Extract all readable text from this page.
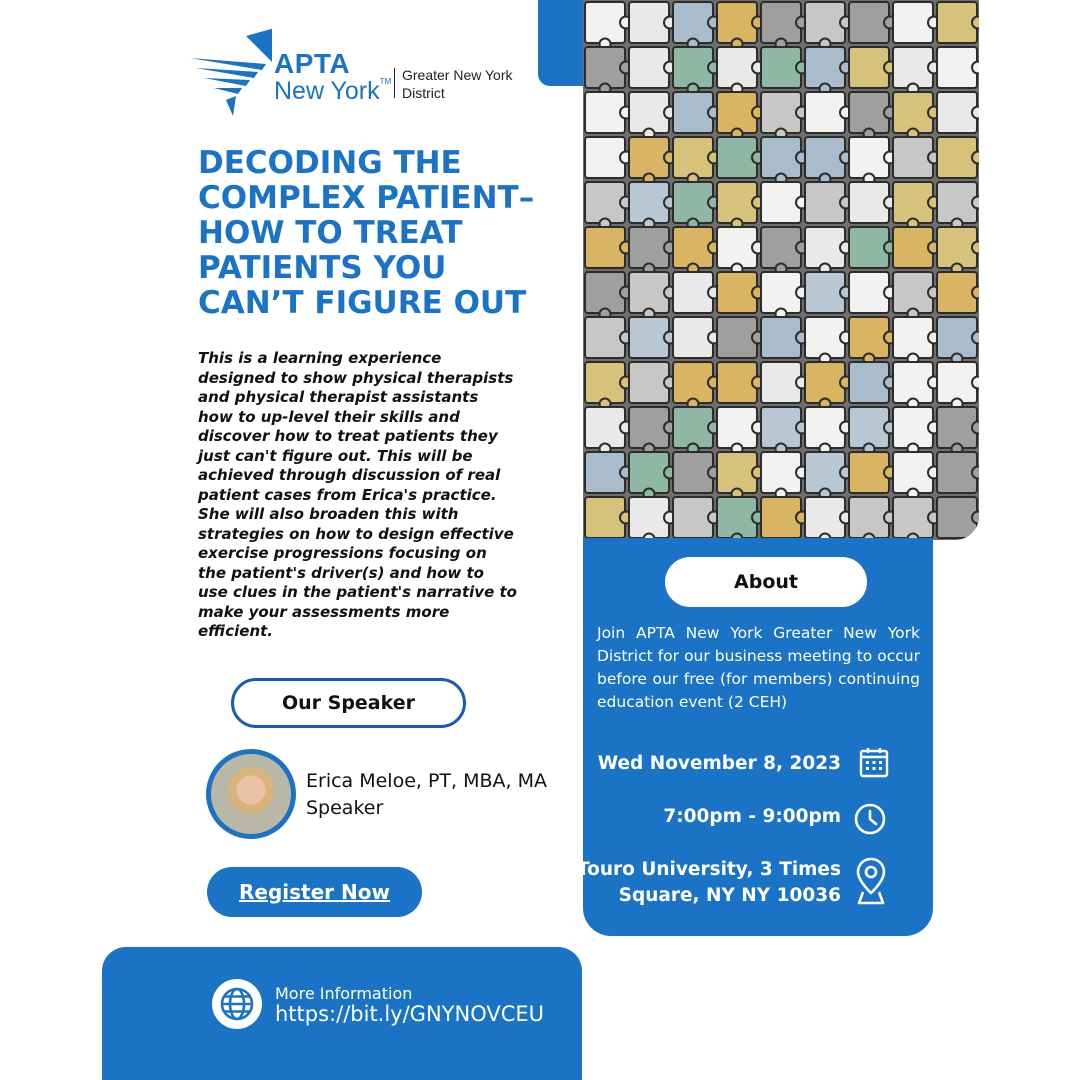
APTA
New York™ Greater New York
District
DECODING THE
COMPLEX PATIENT–
HOW TO TREAT
PATIENTS YOU
CAN’T FIGURE OUT
This is a learning experience
designed to show physical therapists
and physical therapist assistants
how to up-level their skills and
discover how to treat patients they
just can't figure out. This will be
achieved through discussion of real
patient cases from Erica's practice.
She will also broaden this with
strategies on how to design effective
exercise progressions focusing on
the patient's driver(s) and how to
use clues in the patient's narrative to
make your assessments more
efficient.
Our Speaker
Erica Meloe, PT, MBA, MA
Speaker
Register Now
More Information
https://bit.ly/GNYNOVCEU
About
Join APTA New York Greater New York District for our business meeting to occur before our free (for members) continuing education event (2 CEH)
Wed November 8, 2023
7:00pm - 9:00pm
Touro University, 3 Times
Square, NY NY 10036
